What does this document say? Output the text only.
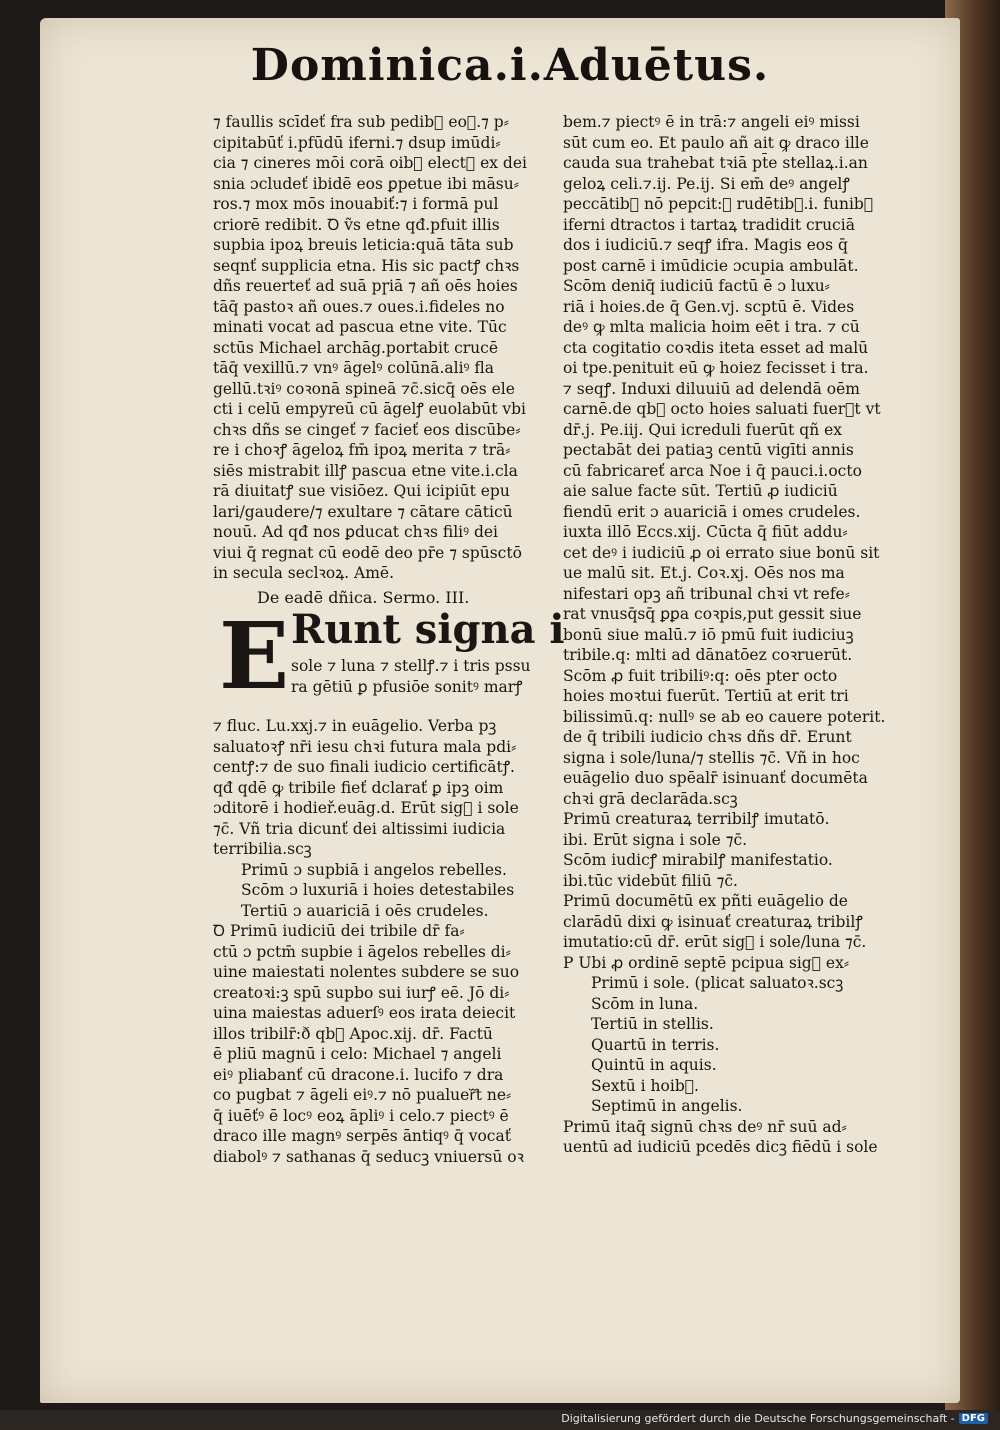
Dominica.i.Aduētus.
⁊ faullis scīdeť fra sub pedib᷑ eoꝝ.⁊ p⸗
cipitabūť i.pfūdū iferni.⁊ dsup imūdi⸗
cia ⁊ cineres mōi corā oib᷑ electꝭ ex dei
snia ɔcludeť ibidē eos ꝑpetue ibi māsu⸗
ros.⁊ mox mōs inouabiť:⁊ i formā pul
criorē redibit. Ꝺ ṽs etne qđ.pfuit illis
supbia ipoꝝ breuis leticia:quā tāta sub
seqnť supplicia etna. His sic pactꝭ chꝛs
dñs reuerteť ad suā pɼiā ⁊ añ oēs hoies
tāq̄ pastoꝛ añ oues.⁊ oues.i.fideles no
minati vocat ad pascua etne vite. Tūc
sctūs Michael archāg.portabit crucē
tāq̄ vexillū.⁊ vnꝰ āgelꝰ colūnā.aliꝰ fla
gellū.tꝛiꝰ coꝛonā spineā ⁊c̄.sicq̄ oēs ele
cti i celū empyreū cū āgelꝭ euolabūt vbi
chꝛs dñs se cingeť ⁊ facieť eos discūbe⸗
re i choꝛꝭ āgeloꝝ fm̄ ipoꝝ merita ⁊ trā⸗
siēs mistrabit illꝭ pascua etne vite.i.cla
rā diuitatꝭ sue visiōez. Qui icipiūt epu
lari/gaudere/⁊ exultare ⁊ cātare cāticū
nouū. Ad qđ nos ꝑducat chꝛs filiꝰ dei
viui q̄ regnat cū eodē deo pr̄e ⁊ spūsctō
in secula seclꝛoꝝ. Amē.
De eadē dñica. Sermo. III.
E Runt signa i
sole ⁊ luna ⁊ stellꝭ.⁊ i tris pssu
ra gētiū ꝑ pfusiōe sonitꝰ marꝭ
⁊ fluc. Lu.xxj.⁊ in euāgelio. Verba pꝫ
saluatoꝛꝭ nr̄i iesu chꝛi futura mala pdi⸗
centꝭ:⁊ de suo finali iudicio certificātꝭ.
qđ qdē ꝙ tribile fieť dclarať ꝑ ipꝫ oim
ɔditorē i hodieř.euāg.d. Erūt sigᷓ i sole
⁊c̄. Vñ tria dicunť dei altissimi iudicia
terribilia.scꝫ
Primū ɔ supbiā i angelos rebelles.
Scōm ɔ luxuriā i hoies detestabiles
Tertiū ɔ auariciā i oēs crudeles.
Ꝺ Primū iudiciū dei tribile dr̄ fa⸗
ctū ɔ pctm̄ supbie i āgelos rebelles di⸗
uine maiestati nolentes subdere se suo
creatoꝛi:ꝫ spū supbo sui iurꝭ eē. Jō di⸗
uina maiestas aduerſꝰ eos irata deiecit
illos tribilr̄:ð qb᷑ Apoc.xij. dr̄. Factū
ē pliū magnū i celo: Michael ⁊ angeli
eiꝰ pliabanť cū dracone.i. lucifo ⁊ dra
co pugbat ⁊ āgeli eiꝰ.⁊ nō pualuerᷓt ne⸗
q̄ iuēťꝰ ē locꝰ eoꝝ āpliꝰ i celo.⁊ piectꝰ ē
draco ille magnꝰ serpēs āntiqꝰ q̄ vocať
diabolꝰ ⁊ sathanas q̄ seducꝫ vniuersū oꝛ
bem.⁊ piectꝰ ē in trā:⁊ angeli eiꝰ missi
sūt cum eo. Et paulo añ ait ꝙ draco ille
cauda sua trahebat tꝛiā pt̄e stellaꝝ.i.an
geloꝝ celi.⁊.ij. Pe.ij. Si em̄ deꝰ angelꝭ
peccātib᷑ nō pepcit:ꝫ rudētib᷑.i. funib᷑
iferni dtractos i tartaꝝ tradidit cruciā
dos i iudiciū.⁊ seqꝭ ifra. Magis eos q̄
post carnē i imūdicie ɔcupia ambulāt.
Scōm deniq̄ iudiciū factū ē ɔ luxu⸗
riā i hoies.de q̄ Gen.vj. scptū ē. Vides
deꝰ ꝙ mlta malicia hoim eēt i tra. ⁊ cū
cta cogitatio coꝛdis iteta esset ad malū
oi tpe.penituit eū ꝙ hoiez fecisset i tra.
⁊ seqꝭ. Induxi diluuiū ad delendā oēm
carnē.de qb᷑ octo hoies saluati fuerᷓt vt
dr̄.j. Pe.iij. Qui icreduli fuerūt qñ ex
pectabāt dei patiaꝫ centū vigīti annis
cū fabricareť arca Noe i q̄ pauci.i.octo
aie salue facte sūt. Tertiū ꝓ iudiciū
fiendū erit ɔ auariciā i omes crudeles.
iuxta illō Eccs.xij. Cūcta q̄ fiūt addu⸗
cet deꝰ i iudiciū ꝓ oi errato siue bonū sit
ue malū sit. Et.j. Coꝛ.xj. Oēs nos ma
nifestari opꝫ añ tribunal chꝛi vt refe⸗
rat vnusq̄sq̄ ꝑꝑa coꝛpis,put gessit siue
bonū siue malū.⁊ iō pmū fuit iudiciuꝫ
tribile.q: mlti ad dānatōez coꝛruerūt.
Scōm ꝓ fuit tribiliꝰ:q: oēs pter octo
hoies moꝛtui fuerūt. Tertiū at erit tri
bilissimū.q: nullꝰ se ab eo cauere poterit.
de q̄ tribili iudicio chꝛs dñs dr̄. Erunt
signa i sole/luna/⁊ stellis ⁊c̄. Vñ in hoc
euāgelio duo spēalr̄ isinuanť documēta
chꝛi grā declarāda.scꝫ
Primū creaturaꝝ terribilꝭ imutatō.
ibi. Erūt signa i sole ⁊c̄.
Scōm iudicꝭ mirabilꝭ manifestatio.
ibi.tūc videbūt filiū ⁊c̄.
Primū documētū ex pñti euāgelio de
clarādū dixi ꝙ isinuať creaturaꝝ tribilꝭ
imutatio:cū dr̄. erūt sigᷓ i sole/luna ⁊c̄.
P Ubi ꝓ ordinē septē pcipua sigᷓ ex⸗
Primū i sole. (plicat saluatoꝛ.scꝫ
Scōm in luna.
Tertiū in stellis.
Quartū in terris.
Quintū in aquis.
Sextū i hoib᷑.
Septimū in angelis.
Primū itaq̄ signū chꝛs deꝰ nr̄ suū ad⸗
uentū ad iudiciū pcedēs dicꝫ fiēdū i sole
Digitalisierung gefördert durch die Deutsche Forschungsgemeinschaft - DFG
